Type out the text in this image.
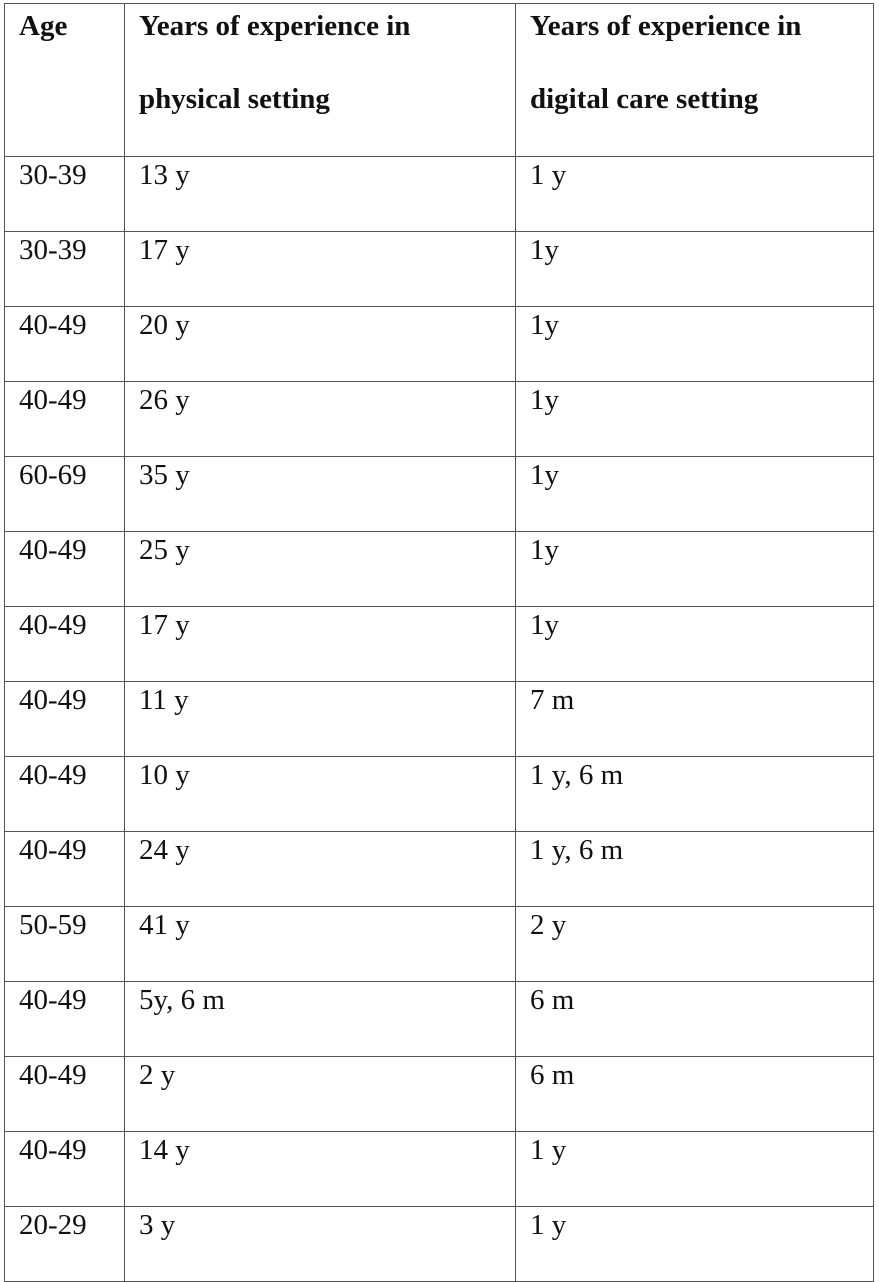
Age	Years of experience in physical setting	Years of experience in digital care setting

30-39	13 y	1 y
30-39	17 y	1y
40-49	20 y	1y
40-49	26 y	1y
60-69	35 y	1y
40-49	25 y	1y
40-49	17 y	1y
40-49	11 y	7 m
40-49	10 y	1 y, 6 m
40-49	24 y	1 y, 6 m
50-59	41 y	2 y
40-49	5y, 6 m	6 m
40-49	2 y	6 m
40-49	14 y	1 y
20-29	3 y	1 y
